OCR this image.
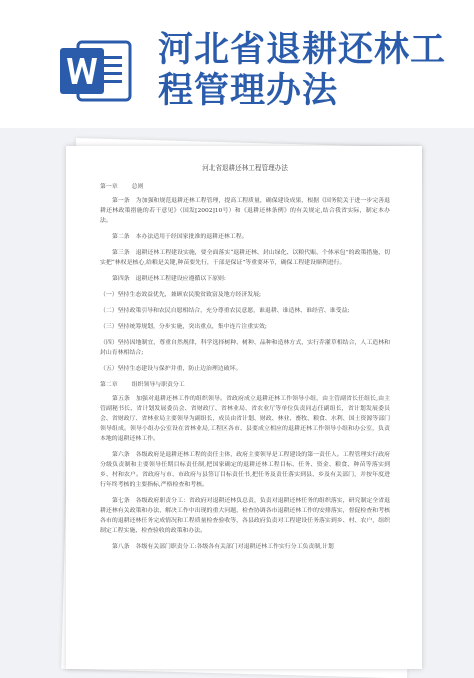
河北省退耕还林工
程管理办法
河北省退耕还林工程管理办法
第一章 总则

第一条　为加强和规范退耕还林工程管理，提高工程质量，确保建设成果，根据《国务院关于进一步完善退耕还林政策措施的若干意见》（国发[2002]10号）和《退耕还林条例》的有关规定,结合我省实际，制定本办法。

第二条　本办法适用于经国家批准的退耕还林工程。

第三条　退耕还林工程建设实施，要全面落实“退耕还林、封山绿化、以粮代赈、个体承包”的政策措施，切实把“林权是核心,给粮是关键,种苗要先行，干部是保证”等重要环节，确保工程建设顺利进行。

第四条　退耕还林工程建设应遵循以下原则:

（一）坚持生态效益优先，兼顾农民脱贫致富及地方经济发展;

（二）坚持政策引导和农民自愿相结合，充分尊重农民意愿，谁退耕、谁造林、谁经营、谁受益;

（三）坚持统筹规划，分步实施，突出重点，集中连片注重实效;

（四）坚持因地制宜，尊重自然规律，科学选择树种、树种、品种和造林方式，实行乔灌草相结合，人工造林和封山育林相结合;

（五）坚持生态建设与保护并重，防止边治理边破坏。

第二章 组织领导与职责分工

第五条　加强对退耕还林工作的组织领导。省政府成立退耕还林工作领导小组，由主管副省长任组长,由主管副秘书长、省计划发展委员会、省财政厅、省林业局、省农业厅等单位负责同志任副组长，省计划发展委员会、省财政厅、省林业局主要领导为副组长，成员由省计划、财政、林业、畜牧、粮食、水利、国土资源等部门领导组成。领导小组办公室设在省林业局,工程区各市、县要成立相应的退耕还林工作领导小组和办公室，负责本地的退耕还林工作。

第六条　各级政府是退耕还林工程的责任主体，政府主要领导是工程建设的第一责任人。工程管理实行政府分级负责制和主要领导任期目标责任制,把国家确定的退耕还林工程目标、任务、资金、粮食、种苗等落实到乡、村和农户。省政府与市、市政府与县签订目标责任书,把任务及责任落实到县、乡及有关部门，并按年度进行年终考核的主要指标,严格检查和考核。

第七条　各级政府职责分工：省政府对退耕还林负总责，负责对退耕还林任务的组织落实，研究制定全省退耕还林有关政策和办法，解决工作中出现的重大问题，检查协调各市退耕还林工作的安排落实，督促检查和考核各市的退耕还林任务完成情况和工程质量检查验收等，各县政府负责对工程建设任务落实到乡、村、农户，组织制定工程实施、检查验收的政策和办法。

第八条　各级有关部门职责分工:各级各有关部门对退耕还林工作实行分工负责制,计划
